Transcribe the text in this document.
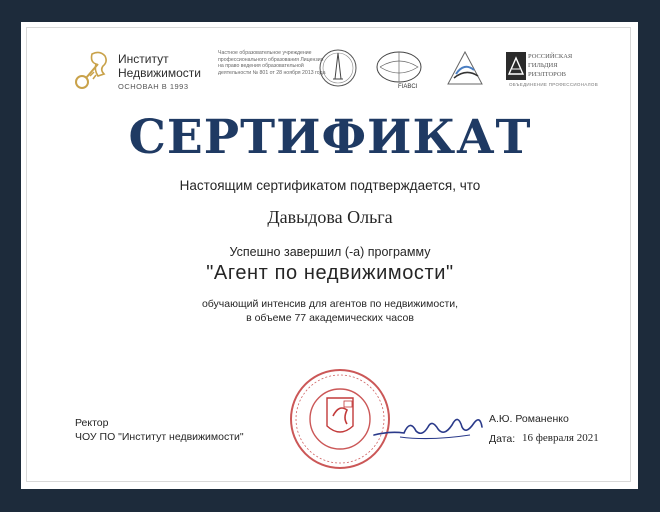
Институт
Недвижимости
ОСНОВАН В 1993
Частное образовательное учреждение профессионального образования Лицензия на право ведения образовательной деятельности № 801 от 28 ноября 2013 года
FIABCI
РОССИЙСКАЯ
ГИЛЬДИЯ
РИЭЛТОРОВ
ОБЪЕДИНЕНИЕ ПРОФЕССИОНАЛОВ
СЕРТИФИКАТ
Настоящим сертификатом подтверждается, что
Давыдова Ольга
Успешно завершил (-а) программу
"Агент по недвижимости"
обучающий интенсив для агентов по недвижимости,
в объеме 77 академических часов
Ректор
ЧОУ ПО "Институт недвижимости"
А.Ю. Романенко
Дата: 16 февраля 2021
